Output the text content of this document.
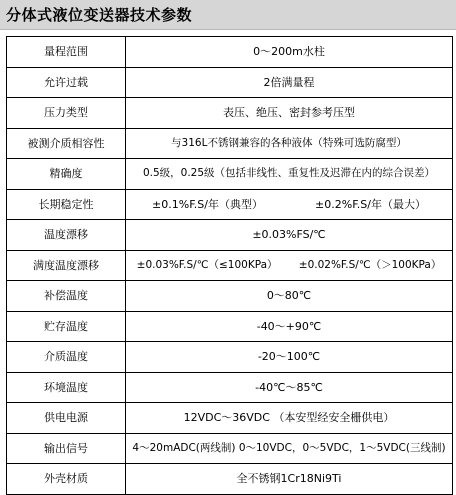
分体式液位变送器技术参数
量程范围	0～200m水柱
允许过载	2倍满量程
压力类型	表压、绝压、密封参考压型
被测介质相容性	与316L不锈钢兼容的各种液体（特殊可选防腐型）
精确度	0.5级，0.25级（包括非线性、重复性及迟滞在内的综合误差）
长期稳定性	±0.1%F.S/年（典型） ±0.2%F.S/年（最大）

温度漂移	±0.03%FS/℃
满度温度漂移	±0.03%F.S/℃（≤100KPa） ±0.02%F.S/℃（＞100KPa）

补偿温度	0～80℃
贮存温度	-40～+90℃
介质温度	-20～100℃
环境温度	-40℃～85℃
供电电源	12VDC～36VDC （本安型经安全栅供电）
输出信号	4～20mADC(两线制) 0～10VDC，0～5VDC，1～5VDC(三线制)
外壳材质	全不锈钢1Cr18Ni9Ti
